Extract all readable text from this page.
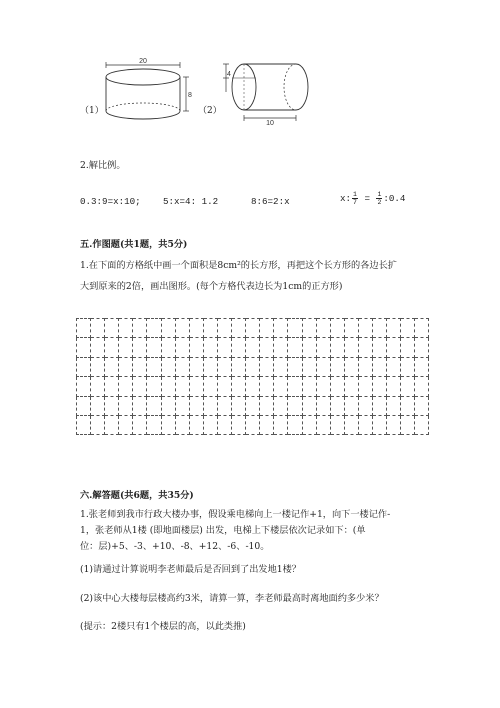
（1）
20
8
（2）
4
10
2.解比例。
0.3:9=x:10; 5:x=4: 1.2	8:6=2:x	x: $\frac{1}{7} = \frac{1}{2}$ :0.4
五.作图题(共1题，共5分)
1.在下面的方格纸中画一个面积是8cm²的长方形，再把这个长方形的各边长扩
大到原来的2倍，画出图形。(每个方格代表边长为1cm的正方形)

六.解答题(共6题，共35分)
1.张老师到我市行政大楼办事，假设乘电梯向上一楼记作+1，向下一楼记作-
1，张老师从1楼 (即地面楼层) 出发，电梯上下楼层依次记录如下：(单
位：层)+5、-3、+10、-8、+12、-6、-10。
(1)请通过计算说明李老师最后是否回到了出发地1楼？
(2)该中心大楼每层楼高约3米，请算一算，李老师最高时离地面约多少米？
(提示：2楼只有1个楼层的高，以此类推)
